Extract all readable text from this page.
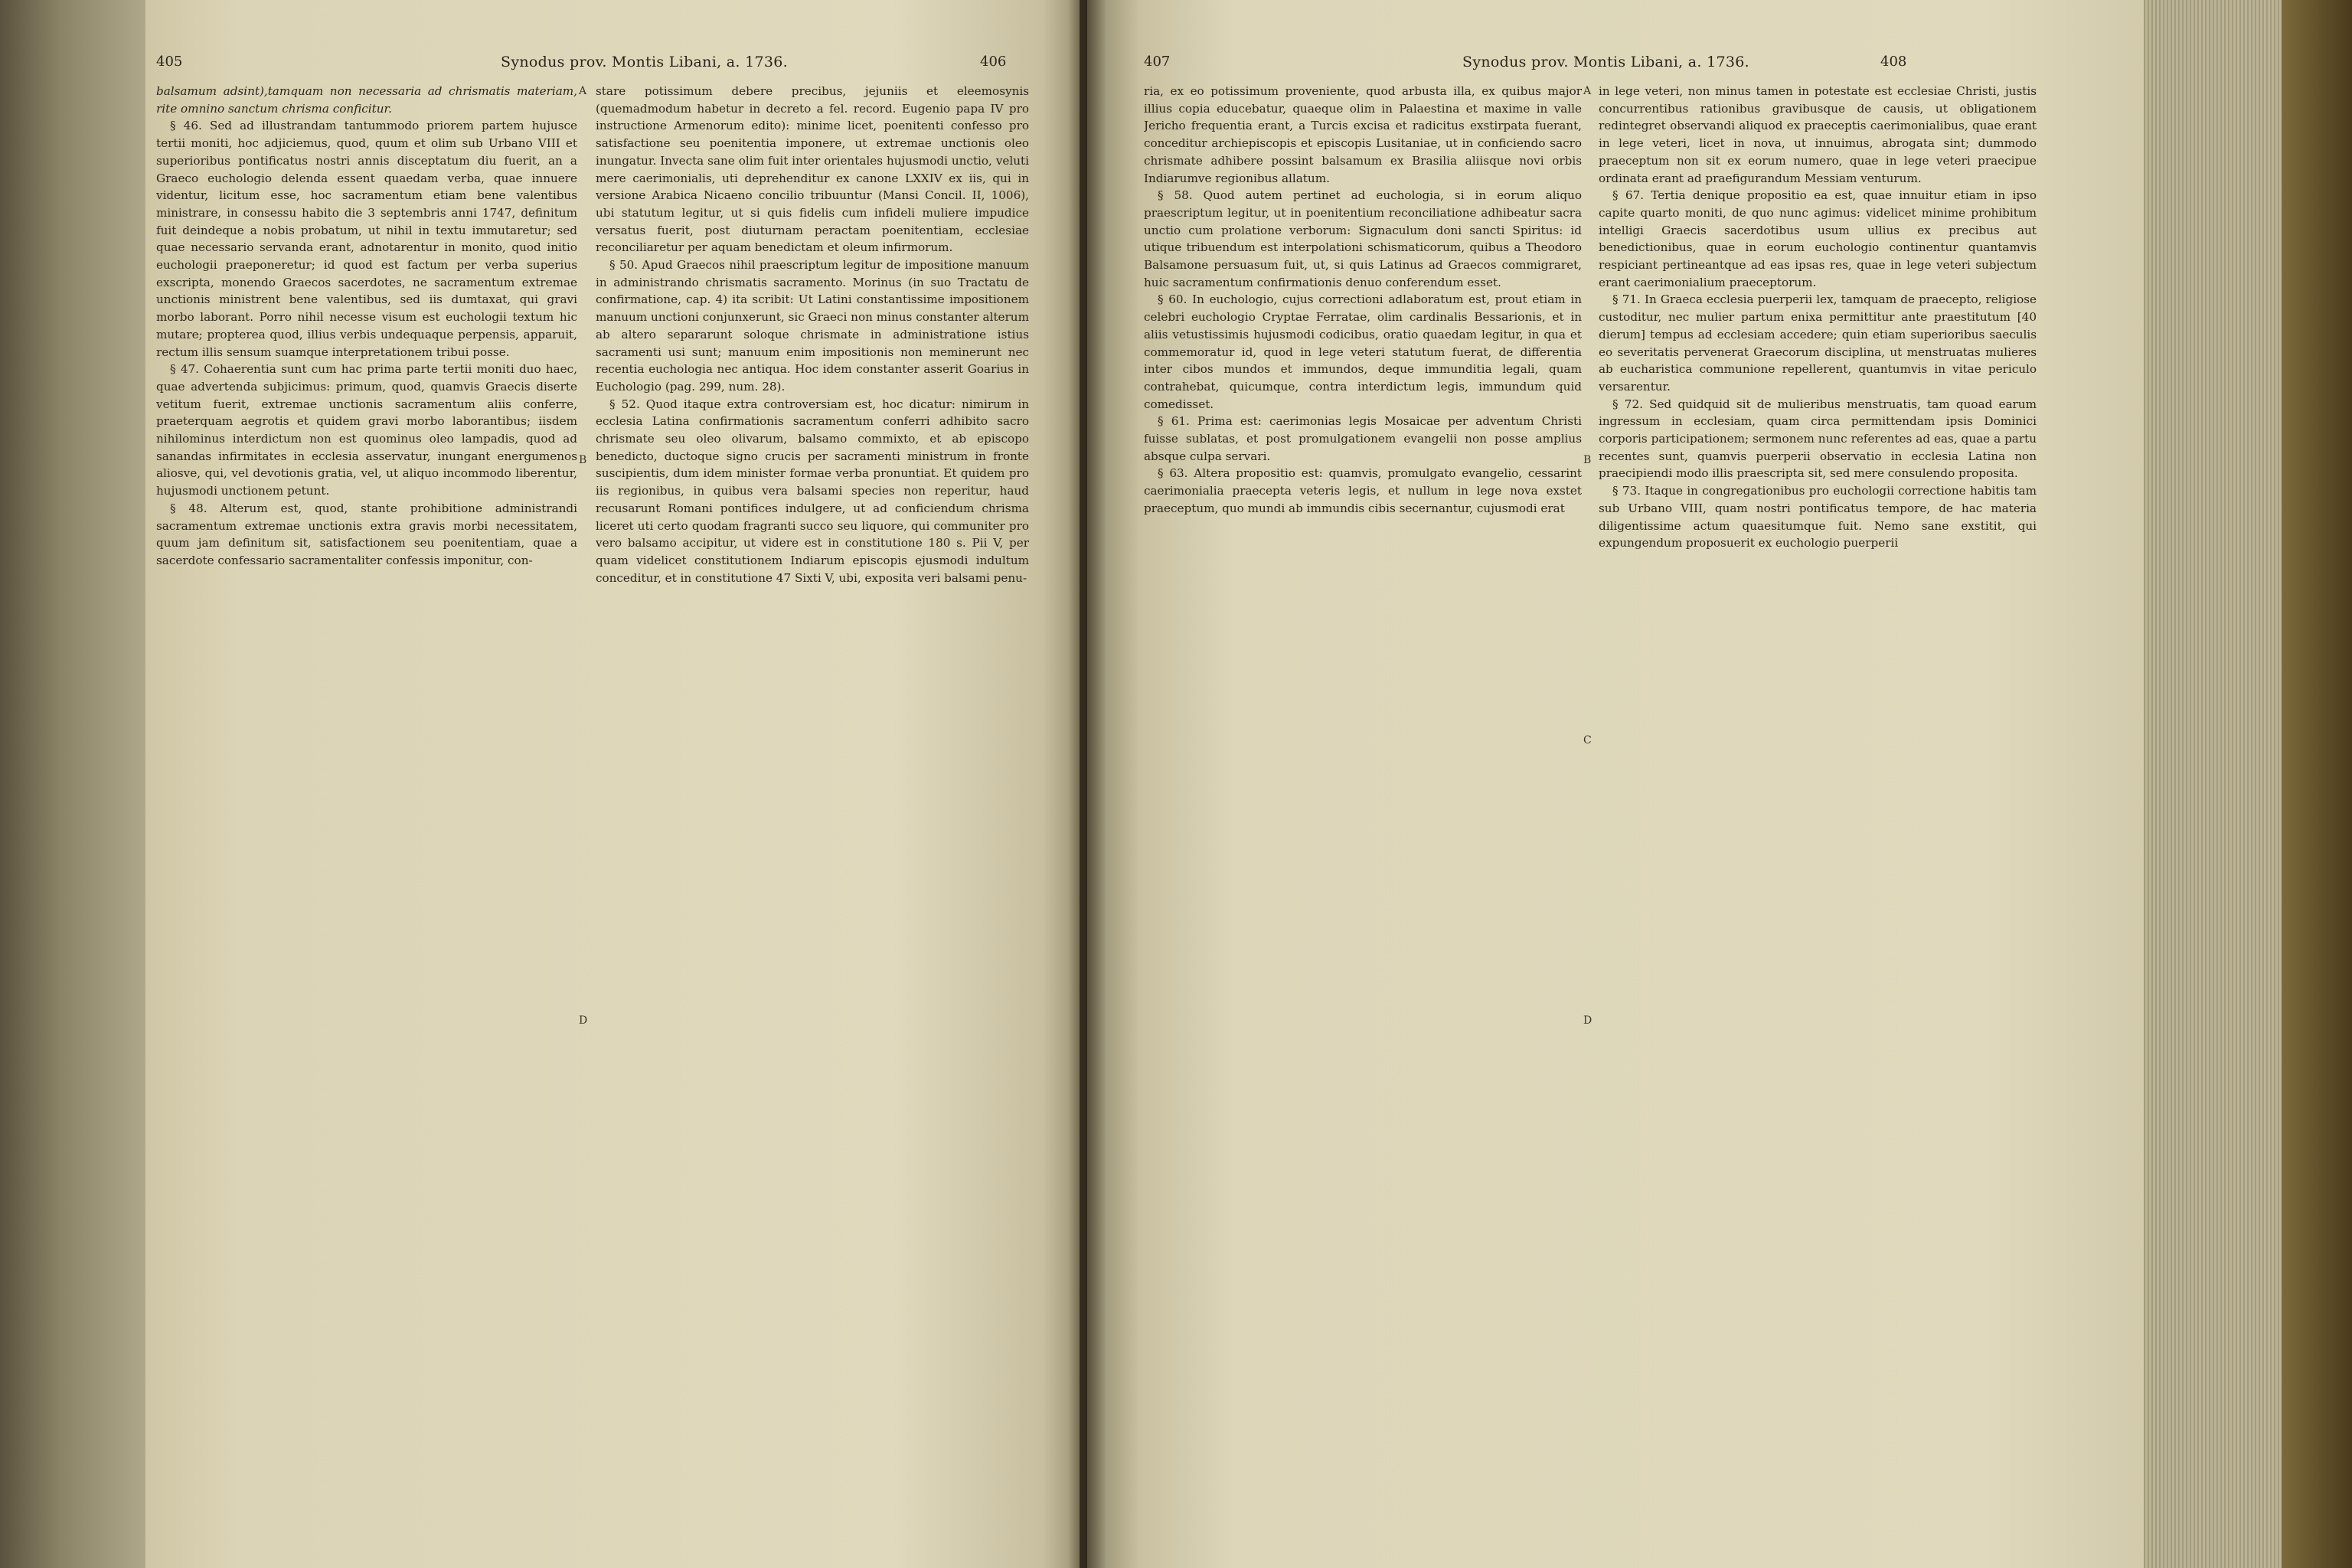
405	Synodus prov. Montis Libani, a. 1736.	406

balsamum adsint),tamquam non necessaria ad chrismatis materiam, rite omnino sanctum chrisma conficitur.

§ 46. Sed ad illustrandam tantummodo priorem partem hujusce tertii moniti, hoc adjiciemus, quod, quum et olim sub Urbano VIII et superioribus pontificatus nostri annis disceptatum diu fuerit, an a Graeco euchologio delenda essent quaedam verba, quae innuere videntur, licitum esse, hoc sacramentum etiam bene valentibus ministrare, in consessu habito die 3 septembris anni 1747, definitum fuit deindeque a nobis probatum, ut nihil in textu immutaretur; sed quae necessario servanda erant, adnotarentur in monito, quod initio euchologii praeponeretur; id quod est factum per verba superius exscripta, monendo Graecos sacerdotes, ne sacramentum extremae unctionis ministrent bene valentibus, sed iis dumtaxat, qui gravi morbo laborant. Porro nihil necesse visum est euchologii textum hic mutare; propterea quod, illius verbis undequaque perpensis, apparuit, rectum illis sensum suamque interpretationem tribui posse.

§ 47. Cohaerentia sunt cum hac prima parte tertii moniti duo haec, quae advertenda subjicimus: primum, quod, quamvis Graecis diserte vetitum fuerit, extremae unctionis sacramentum aliis conferre, praeterquam aegrotis et quidem gravi morbo laborantibus; iisdem nihilominus interdictum non est quominus oleo lampadis, quod ad sanandas infirmitates in ecclesia asservatur, inungant energumenos aliosve, qui, vel devotionis gratia, vel, ut aliquo incommodo liberentur, hujusmodi unctionem petunt.

§ 48. Alterum est, quod, stante prohibitione administrandi sacramentum extremae unctionis extra gravis morbi necessitatem, quum jam definitum sit, satisfactionem seu poenitentiam, quae a sacerdote confessario sacramentaliter confessis imponitur, con-

A
B
D

stare potissimum debere precibus, jejuniis et eleemosynis (quemadmodum habetur in decreto a fel. record. Eugenio papa IV pro instructione Armenorum edito): minime licet, poenitenti confesso pro satisfactione seu poenitentia imponere, ut extremae unctionis oleo inungatur. Invecta sane olim fuit inter orientales hujusmodi unctio, veluti mere caerimonialis, uti deprehenditur ex canone LXXIV ex iis, qui in versione Arabica Nicaeno concilio tribuuntur (Mansi Concil. II, 1006), ubi statutum legitur, ut si quis fidelis cum infideli muliere impudice versatus fuerit, post diuturnam peractam poenitentiam, ecclesiae reconciliaretur per aquam benedictam et oleum infirmorum.

§ 50. Apud Graecos nihil praescriptum legitur de impositione manuum in administrando chrismatis sacramento. Morinus (in suo Tractatu de confirmatione, cap. 4) ita scribit: Ut Latini constantissime impositionem manuum unctioni conjunxerunt, sic Graeci non minus constanter alterum ab altero separarunt soloque chrismate in administratione istius sacramenti usi sunt; manuum enim impositionis non meminerunt nec recentia euchologia nec antiqua. Hoc idem constanter asserit Goarius in Euchologio (pag. 299, num. 28).

§ 52. Quod itaque extra controversiam est, hoc dicatur: nimirum in ecclesia Latina confirmationis sacramentum conferri adhibito sacro chrismate seu oleo olivarum, balsamo commixto, et ab episcopo benedicto, ductoque signo crucis per sacramenti ministrum in fronte suscipientis, dum idem minister formae verba pronuntiat. Et quidem pro iis regionibus, in quibus vera balsami species non reperitur, haud recusarunt Romani pontifices indulgere, ut ad conficiendum chrisma liceret uti certo quodam fragranti succo seu liquore, qui communiter pro vero balsamo accipitur, ut videre est in constitutione 180 s. Pii V, per quam videlicet constitutionem Indiarum episcopis ejusmodi indultum conceditur, et in constitutione 47 Sixti V, ubi, exposita veri balsami penu-

407	Synodus prov. Montis Libani, a. 1736.	408

ria, ex eo potissimum proveniente, quod arbusta illa, ex quibus major illius copia educebatur, quaeque olim in Palaestina et maxime in valle Jericho frequentia erant, a Turcis excisa et radicitus exstirpata fuerant, conceditur archiepiscopis et episcopis Lusitaniae, ut in conficiendo sacro chrismate adhibere possint balsamum ex Brasilia aliisque novi orbis Indiarumve regionibus allatum.

§ 58. Quod autem pertinet ad euchologia, si in eorum aliquo praescriptum legitur, ut in poenitentium reconciliatione adhibeatur sacra unctio cum prolatione verborum: Signaculum doni sancti Spiritus: id utique tribuendum est interpolationi schismaticorum, quibus a Theodoro Balsamone persuasum fuit, ut, si quis Latinus ad Graecos commigraret, huic sacramentum confirmationis denuo conferendum esset.

§ 60. In euchologio, cujus correctioni adlaboratum est, prout etiam in celebri euchologio Cryptae Ferratae, olim cardinalis Bessarionis, et in aliis vetustissimis hujusmodi codicibus, oratio quaedam legitur, in qua et commemoratur id, quod in lege veteri statutum fuerat, de differentia inter cibos mundos et immundos, deque immunditia legali, quam contrahebat, quicumque, contra interdictum legis, immundum quid comedisset.

§ 61. Prima est: caerimonias legis Mosaicae per adventum Christi fuisse sublatas, et post promulgationem evangelii non posse amplius absque culpa servari.

§ 63. Altera propositio est: quamvis, promulgato evangelio, cessarint caerimonialia praecepta veteris legis, et nullum in lege nova exstet praeceptum, quo mundi ab immundis cibis secernantur, cujusmodi erat

A
B
C
D

in lege veteri, non minus tamen in potestate est ecclesiae Christi, justis concurrentibus rationibus gravibusque de causis, ut obligationem redintegret observandi aliquod ex praeceptis caerimonialibus, quae erant in lege veteri, licet in nova, ut innuimus, abrogata sint; dummodo praeceptum non sit ex eorum numero, quae in lege veteri praecipue ordinata erant ad praefigurandum Messiam venturum.

§ 67. Tertia denique propositio ea est, quae innuitur etiam in ipso capite quarto moniti, de quo nunc agimus: videlicet minime prohibitum intelligi Graecis sacerdotibus usum ullius ex precibus aut benedictionibus, quae in eorum euchologio continentur quantamvis respiciant pertineantque ad eas ipsas res, quae in lege veteri subjectum erant caerimonialium praeceptorum.

§ 71. In Graeca ecclesia puerperii lex, tamquam de praecepto, religiose custoditur, nec mulier partum enixa permittitur ante praestitutum [40 dierum] tempus ad ecclesiam accedere; quin etiam superioribus saeculis eo severitatis pervenerat Graecorum disciplina, ut menstruatas mulieres ab eucharistica communione repellerent, quantumvis in vitae periculo versarentur.

§ 72. Sed quidquid sit de mulieribus menstruatis, tam quoad earum ingressum in ecclesiam, quam circa permittendam ipsis Dominici corporis participationem; sermonem nunc referentes ad eas, quae a partu recentes sunt, quamvis puerperii observatio in ecclesia Latina non praecipiendi modo illis praescripta sit, sed mere consulendo proposita.

§ 73. Itaque in congregationibus pro euchologii correctione habitis tam sub Urbano VIII, quam nostri pontificatus tempore, de hac materia diligentissime actum quaesitumque fuit. Nemo sane exstitit, qui expungendum proposuerit ex euchologio puerperii
